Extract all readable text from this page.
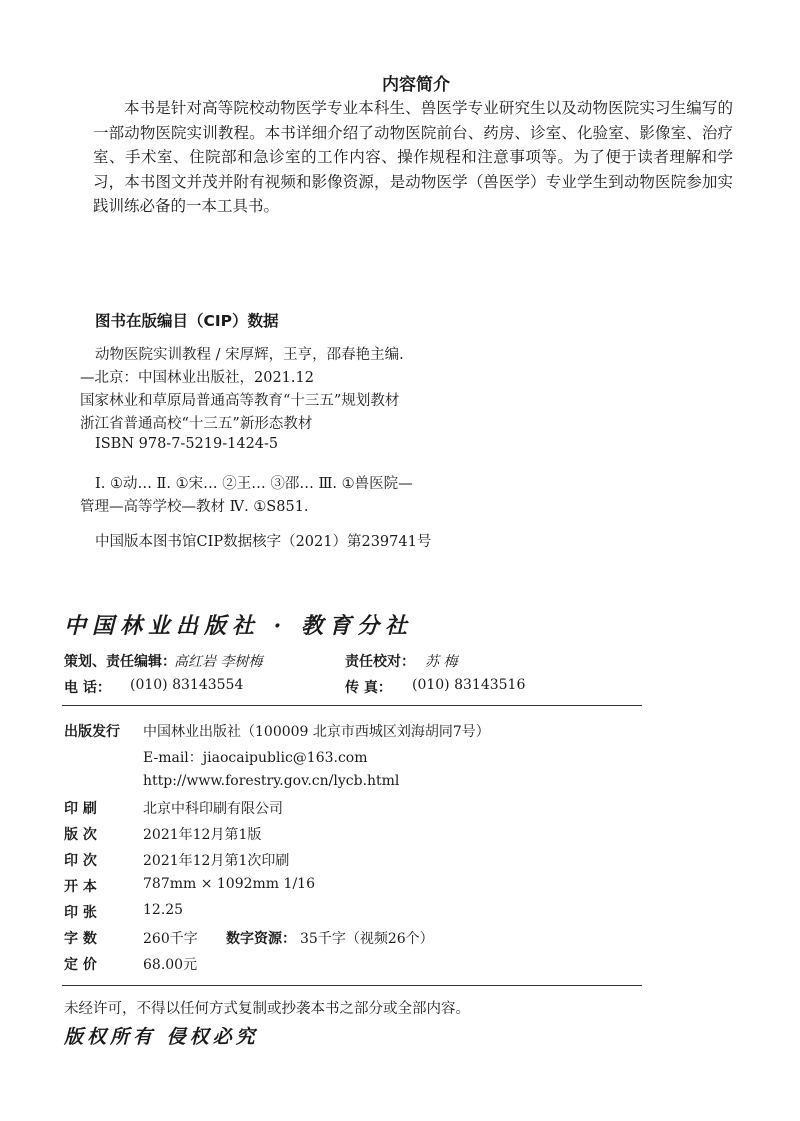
内容简介

本书是针对高等院校动物医学专业本科生、兽医学专业研究生以及动物医院实习生编写的一部动物医院实训教程。本书详细介绍了动物医院前台、药房、诊室、化验室、影像室、治疗室、手术室、住院部和急诊室的工作内容、操作规程和注意事项等。为了便于读者理解和学习，本书图文并茂并附有视频和影像资源，是动物医学（兽医学）专业学生到动物医院参加实践训练必备的一本工具书。

图书在版编目（CIP）数据
动物医院实训教程 / 宋厚辉，王亨，邵春艳主编.
—北京：中国林业出版社，2021.12
国家林业和草原局普通高等教育“十三五”规划教材
浙江省普通高校“十三五”新形态教材
ISBN 978-7-5219-1424-5
Ⅰ. ①动… Ⅱ. ①宋… ②王… ③邵… Ⅲ. ①兽医院—
管理—高等学校—教材 Ⅳ. ①S851.
中国版本图书馆CIP数据核字（2021）第239741号
中国林业出版社 · 教育分社
策划、责任编辑：
高红岩 李树梅	责任校对： 苏 梅
电 话： (010) 83143554	传 真： (010) 83143516
出版发行 中国林业出版社（100009 北京市西城区刘海胡同7号）
E-mail：jiaocaipublic@163.com
http://www.forestry.gov.cn/lycb.html
印 刷	北京中科印刷有限公司
版 次	2021年12月第1版
印 次	2021年12月第1次印刷
开 本	787mm × 1092mm 1/16
印 张	12.25
字 数	260千字 数字资源： 35千字（视频26个）
定 价	68.00元
未经许可，不得以任何方式复制或抄袭本书之部分或全部内容。
版权所有 侵权必究
